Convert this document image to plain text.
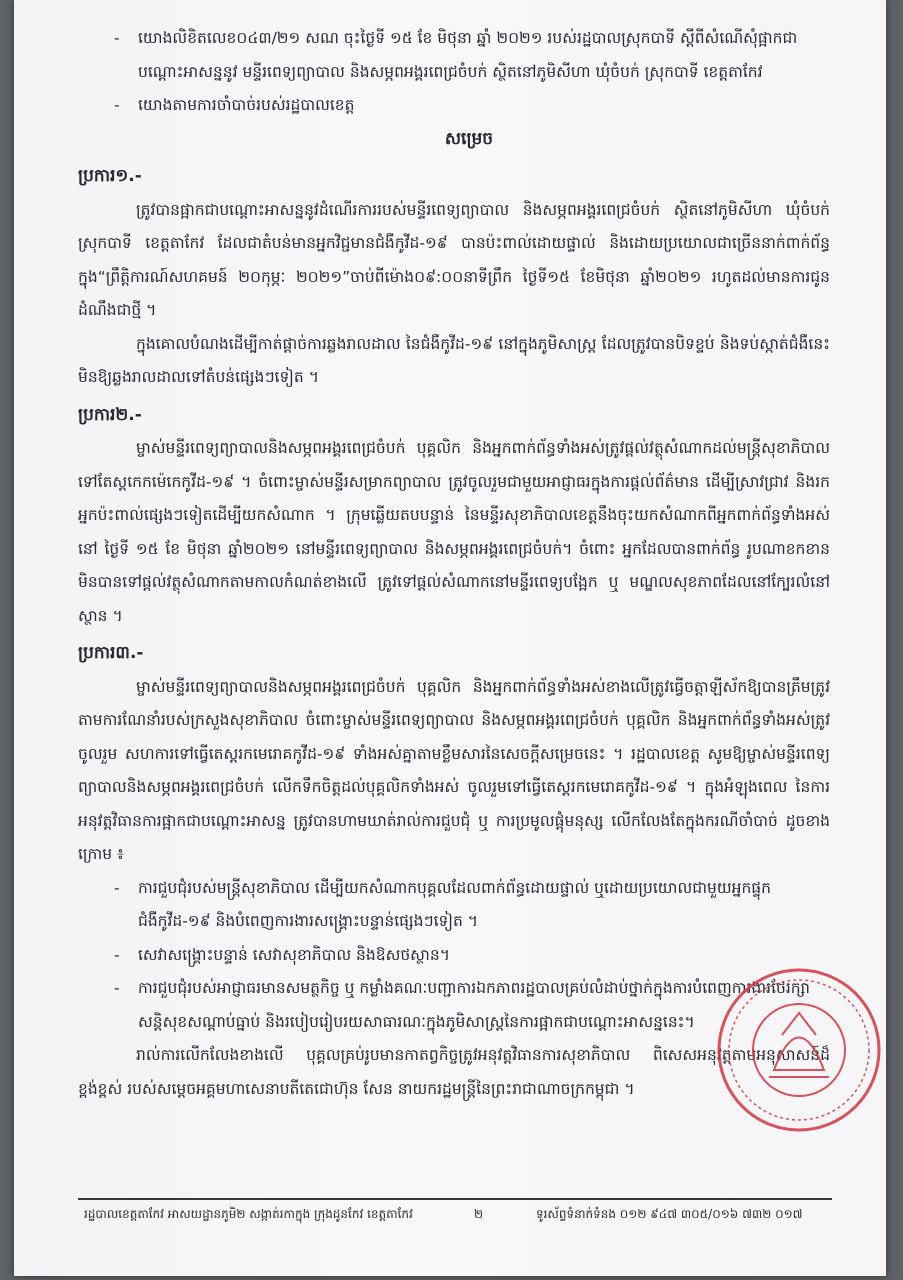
- យោងលិខិតលេខ០៤៣/២១ សណ ចុះថ្ងៃទី ១៥ ខែ មិថុនា ឆ្នាំ ២០២១ របស់រដ្ឋបាលស្រុកបាទី ស្ដីពីសំណើសុំផ្អាកជាបណ្ដោះអាសន្ននូវ មន្ទីរពេទ្យព្យាបាល និងសម្ភពអង្គរពេជ្រចំបក់ ស្ថិតនៅភូមិសីហា ឃុំចំបក់ ស្រុកបាទី ខេត្តតាកែវ

- យោងតាមការចាំបាច់របស់រដ្ឋបាលខេត្ត

សម្រេច

ប្រការ១.-

ត្រូវបានផ្អាកជាបណ្ដោះអាសន្ននូវដំណើរការរបស់មន្ទីរពេទ្យព្យាបាល និងសម្ភពអង្គរពេជ្រចំបក់ ស្ថិតនៅភូមិសីហា ឃុំចំបក់ ស្រុកបាទី ខេត្តតាកែវ ដែលជាតំបន់មានអ្នកវិជ្ជមានជំងឺកូវីដ-១៩ បានប៉ះពាល់ដោយផ្ទាល់ និងដោយប្រយោលជាច្រើននាក់ពាក់ព័ន្ធក្នុង“ព្រឹត្តិការណ៍សហគមន៍ ២០កុម្ភៈ ២០២១”ចាប់ពីម៉ោង០៩:០០នាទីព្រឹក ថ្ងៃទី១៥ ខែមិថុនា ឆ្នាំ២០២១ រហូតដល់មានការជូនដំណឹងជាថ្មី ។

ក្នុងគោលបំណងដើម្បីកាត់ផ្ដាច់ការឆ្លងរាលដាល នៃជំងឺកូវីដ-១៩ នៅក្នុងភូមិសាស្ត្រ ដែលត្រូវបានបិទខ្ទប់ និងទប់ស្កាត់ជំងឺនេះមិនឱ្យឆ្លងរាលដាលទៅតំបន់ផ្សេងៗទៀត ។

ប្រការ២.-

ម្ចាស់មន្ទីរពេទ្យព្យាបាលនិងសម្ភពអង្គរពេជ្រចំបក់ បុគ្គលិក និងអ្នកពាក់ព័ន្ធទាំងអស់ត្រូវផ្តល់វត្ថុសំណាកដល់មន្ត្រីសុខាភិបាល ទៅតែស្ដកេកម៉េកេកូវីដ-១៩ ។ ចំពោះម្ចាស់មន្ទីរសម្រាកព្យាបាល ត្រូវចូលរួមជាមួយអាជ្ញាធរក្នុងការផ្តល់ព័ត៌មាន ដើម្បីស្រាវជ្រាវ និងរកអ្នកប៉ះពាល់ផ្សេងៗទៀតដើម្បីយកសំណាក ។ ក្រុមឆ្លើយតបបន្ទាន់ នៃមន្ទីរសុខាភិបាលខេត្តនឹងចុះយកសំណាកពីអ្នកពាក់ព័ន្ធទាំងអស់នៅ ថ្ងៃទី ១៥ ខែ មិថុនា ឆ្នាំ២០២១ នៅមន្ទីរពេទ្យព្យាបាល និងសម្ភពអង្គរពេជ្រចំបក់។ ចំពោះ អ្នកដែលបានពាក់ព័ន្ធ រូបណាខកខានមិនបានទៅផ្តល់វត្ថុសំណាកតាមកាលកំណត់ខាងលើ ត្រូវទៅផ្តល់សំណាកនៅមន្ទីរពេទ្យបង្អែក ឬ មណ្ឌលសុខភាពដែលនៅក្បែរលំនៅស្ថាន ។

ប្រការ៣.-

ម្ចាស់មន្ទីរពេទ្យព្យាបាលនិងសម្ភពអង្គរពេជ្រចំបក់ បុគ្គលិក និងអ្នកពាក់ព័ន្ធទាំងអស់ខាងលើត្រូវធ្វើចត្តាឡីស័កឱ្យបានត្រឹមត្រូវតាមការណែនាំរបស់ក្រសួងសុខាភិបាល ចំពោះម្ចាស់មន្ទីរពេទ្យព្យាបាល និងសម្ភពអង្គរពេជ្រចំបក់ បុគ្គលិក និងអ្នកពាក់ព័ន្ធទាំងអស់ត្រូវចូលរួម សហការទៅធ្វើតេស្តរកមេរោគកូវីដ-១៩ ទាំងអស់គ្នាតាមខ្លឹមសារនៃសេចក្តីសម្រេចនេះ ។ រដ្ឋបាលខេត្ត សូមឱ្យម្ចាស់មន្ទីរពេទ្យព្យាបាលនិងសម្ភពអង្គរពេជ្រចំបក់ លើកទឹកចិត្តដល់បុគ្គលិកទាំងអស់ ចូលរួមទៅធ្វើតេស្តរកមេរោគកូវីដ-១៩ ។ ក្នុងអំឡុងពេល នៃការអនុវត្តវិធានការផ្អាកជាបណ្ដោះអាសន្ន ត្រូវបានហាមឃាត់រាល់ការជួបជុំ ឬ ការប្រមូលផ្ដុំមនុស្ស លើកលែងតែក្នុងករណីចាំបាច់ ដូចខាងក្រោម ៖

- ការជួបជុំរបស់មន្ត្រីសុខាភិបាល ដើម្បីយកសំណាកបុគ្គលដែលពាក់ព័ន្ធដោយផ្ទាល់ ឬដោយប្រយោលជាមួយអ្នកផ្ទុកជំងឺកូវីដ-១៩ និងបំពេញការងារសង្គ្រោះបន្ទាន់ផ្សេងៗទៀត ។

- សេវាសង្គ្រោះបន្ទាន់ សេវាសុខាភិបាល និងឱសថស្ថាន។

- ការជួបជុំរបស់អាជ្ញាធរមានសមត្ថកិច្ច ឬ កម្លាំងគណៈបញ្ជាការឯកភាពរដ្ឋបាលគ្រប់លំដាប់ថ្នាក់ក្នុងការបំពេញការងារថែរក្សាសន្តិសុខសណ្ដាប់ធ្នាប់ និងរបៀបរៀបរយសាធារណៈក្នុងភូមិសាស្ត្រនៃការផ្អាកជាបណ្ដោះអាសន្ននេះ។

រាល់ការលើកលែងខាងលើ បុគ្គលគ្រប់រូបមានកាតព្វកិច្ចត្រូវអនុវត្តវិធានការសុខាភិបាល ពិសេសអនុវត្តតាមអនុសាសន៍ដ៏ខ្ពង់ខ្ពស់ របស់សម្តេចអគ្គមហាសេនាបតីតេជោហ៊ុន សែន នាយករដ្ឋមន្ត្រីនៃព្រះរាជាណាចក្រកម្ពុជា ។

រដ្ឋបាលខេត្តតាកែវ អាសយដ្ឋានភូមិ២ សង្កាត់រកាក្នុង ក្រុងដូនកែវ ខេត្តតាកែវ	២	ទូរស័ព្ទទំនាក់ទំនង ០១២ ៩៤៧ ៣០៥/០១៦ ៧៣២ ០១៧
